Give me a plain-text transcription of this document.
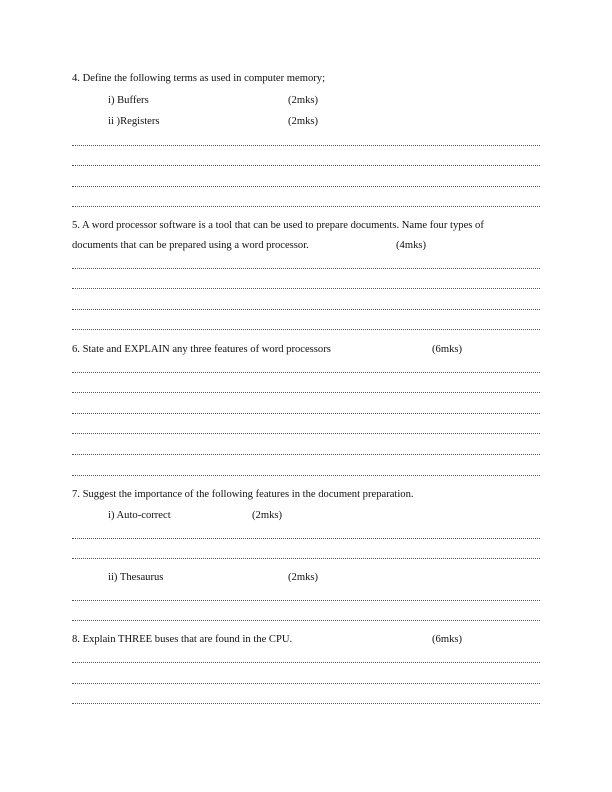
4. Define the following terms as used in computer memory;
i) Buffers	(2mks)
ii )Registers	(2mks)
5. A word processor software is a tool that can be used to prepare documents. Name four types of
documents that can be prepared using a word processor.	(4mks)
6. State and EXPLAIN any three features of word processors	(6mks)
7. Suggest the importance of the following features in the document preparation.
i) Auto-correct	(2mks)
ii) Thesaurus	(2mks)
8. Explain THREE buses that are found in the CPU.	(6mks)
